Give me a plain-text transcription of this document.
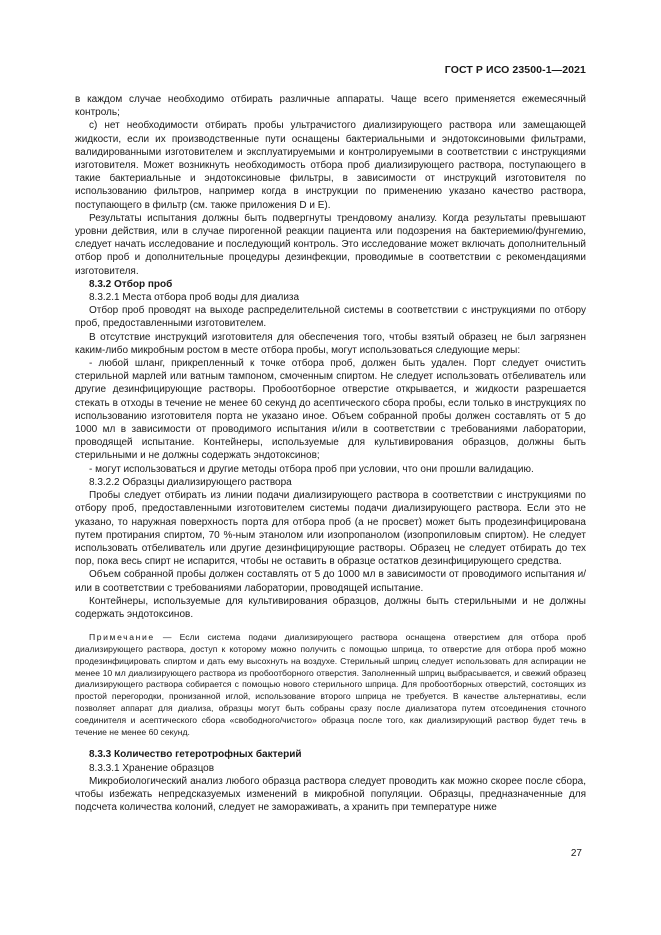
ГОСТ Р ИСО 23500-1—2021

в каждом случае необходимо отбирать различные аппараты. Чаще всего применяется ежемесячный контроль;

c) нет необходимости отбирать пробы ультрачистого диализирующего раствора или замещающей жидкости, если их производственные пути оснащены бактериальными и эндотоксиновыми фильтрами, валидированными изготовителем и эксплуатируемыми и контролируемыми в соответствии с инструкциями изготовителя. Может возникнуть необходимость отбора проб диализирующего раствора, поступающего в такие бактериальные и эндотоксиновые фильтры, в зависимости от инструкций изготовителя по использованию фильтров, например когда в инструкции по применению указано качество раствора, поступающего в фильтр (см. также приложения D и E).

Результаты испытания должны быть подвергнуты трендовому анализу. Когда результаты превышают уровни действия, или в случае пирогенной реакции пациента или подозрения на бактериемию/фунгемию, следует начать исследование и последующий контроль. Это исследование может включать дополнительный отбор проб и дополнительные процедуры дезинфекции, проводимые в соответствии с рекомендациями изготовителя.

8.3.2 Отбор проб

8.3.2.1 Места отбора проб воды для диализа

Отбор проб проводят на выходе распределительной системы в соответствии с инструкциями по отбору проб, предоставленными изготовителем.

В отсутствие инструкций изготовителя для обеспечения того, чтобы взятый образец не был загрязнен каким-либо микробным ростом в месте отбора пробы, могут использоваться следующие меры:

- любой шланг, прикрепленный к точке отбора проб, должен быть удален. Порт следует очистить стерильной марлей или ватным тампоном, смоченным спиртом. Не следует использовать отбеливатель или другие дезинфицирующие растворы. Пробоотборное отверстие открывается, и жидкости разрешается стекать в отходы в течение не менее 60 секунд до асептического сбора пробы, если только в инструкциях по использованию изготовителя порта не указано иное. Объем собранной пробы должен составлять от 5 до 1000 мл в зависимости от проводимого испытания и/или в соответствии с требованиями лаборатории, проводящей испытание. Контейнеры, используемые для культивирования образцов, должны быть стерильными и не должны содержать эндотоксинов;

- могут использоваться и другие методы отбора проб при условии, что они прошли валидацию.

8.3.2.2 Образцы диализирующего раствора

Пробы следует отбирать из линии подачи диализирующего раствора в соответствии с инструкциями по отбору проб, предоставленными изготовителем системы подачи диализирующего раствора. Если это не указано, то наружная поверхность порта для отбора проб (а не просвет) может быть продезинфицирована путем протирания спиртом, 70 %-ным этанолом или изопропанолом (изопропиловым спиртом). Не следует использовать отбеливатель или другие дезинфицирующие растворы. Образец не следует отбирать до тех пор, пока весь спирт не испарится, чтобы не оставить в образце остатков дезинфицирующего средства.

Объем собранной пробы должен составлять от 5 до 1000 мл в зависимости от проводимого испытания и/или в соответствии с требованиями лаборатории, проводящей испытание.

Контейнеры, используемые для культивирования образцов, должны быть стерильными и не должны содержать эндотоксинов.

Примечание — Если система подачи диализирующего раствора оснащена отверстием для отбора проб диализирующего раствора, доступ к которому можно получить с помощью шприца, то отверстие для отбора проб можно продезинфицировать спиртом и дать ему высохнуть на воздухе. Стерильный шприц следует использовать для аспирации не менее 10 мл диализирующего раствора из пробоотборного отверстия. Заполненный шприц выбрасывается, и свежий образец диализирующего раствора собирается с помощью нового стерильного шприца. Для пробоотборных отверстий, состоящих из простой перегородки, пронизанной иглой, использование второго шприца не требуется. В качестве альтернативы, если позволяет аппарат для диализа, образцы могут быть собраны сразу после диализатора путем отсоединения сточного соединителя и асептического сбора «свободного/чистого» образца после того, как диализирующий раствор будет течь в течение не менее 60 секунд.

8.3.3 Количество гетеротрофных бактерий

8.3.3.1 Хранение образцов

Микробиологический анализ любого образца раствора следует проводить как можно скорее после сбора, чтобы избежать непредсказуемых изменений в микробной популяции. Образцы, предназначенные для подсчета количества колоний, следует не замораживать, а хранить при температуре ниже

27
